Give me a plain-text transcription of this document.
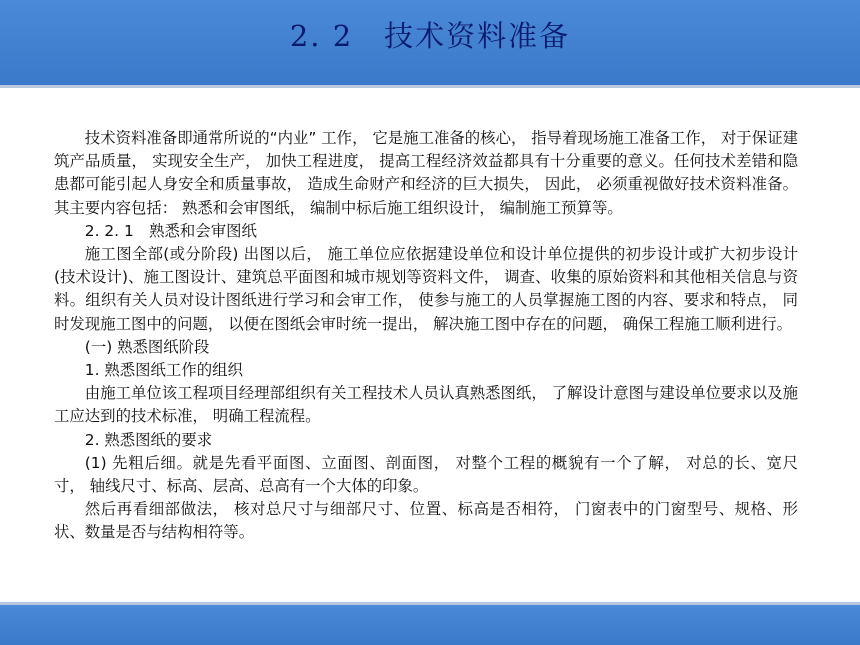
2. 2　技术资料准备

技术资料准备即通常所说的“内业” 工作， 它是施工准备的核心， 指导着现场施工准备工作， 对于保证建筑产品质量， 实现安全生产， 加快工程进度， 提高工程经济效益都具有十分重要的意义。任何技术差错和隐患都可能引起人身安全和质量事故， 造成生命财产和经济的巨大损失， 因此， 必须重视做好技术资料准备。其主要内容包括： 熟悉和会审图纸， 编制中标后施工组织设计， 编制施工预算等。

2. 2. 1　熟悉和会审图纸

施工图全部(或分阶段) 出图以后， 施工单位应依据建设单位和设计单位提供的初步设计或扩大初步设计(技术设计)、施工图设计、建筑总平面图和城市规划等资料文件， 调查、收集的原始资料和其他相关信息与资料。组织有关人员对设计图纸进行学习和会审工作， 使参与施工的人员掌握施工图的内容、要求和特点， 同时发现施工图中的问题， 以便在图纸会审时统一提出， 解决施工图中存在的问题， 确保工程施工顺利进行。

(一) 熟悉图纸阶段

1. 熟悉图纸工作的组织

由施工单位该工程项目经理部组织有关工程技术人员认真熟悉图纸， 了解设计意图与建设单位要求以及施工应达到的技术标准， 明确工程流程。

2. 熟悉图纸的要求

(1) 先粗后细。就是先看平面图、立面图、剖面图， 对整个工程的概貌有一个了解， 对总的长、宽尺寸， 轴线尺寸、标高、层高、总高有一个大体的印象。

然后再看细部做法， 核对总尺寸与细部尺寸、位置、标高是否相符， 门窗表中的门窗型号、规格、形状、数量是否与结构相符等。
